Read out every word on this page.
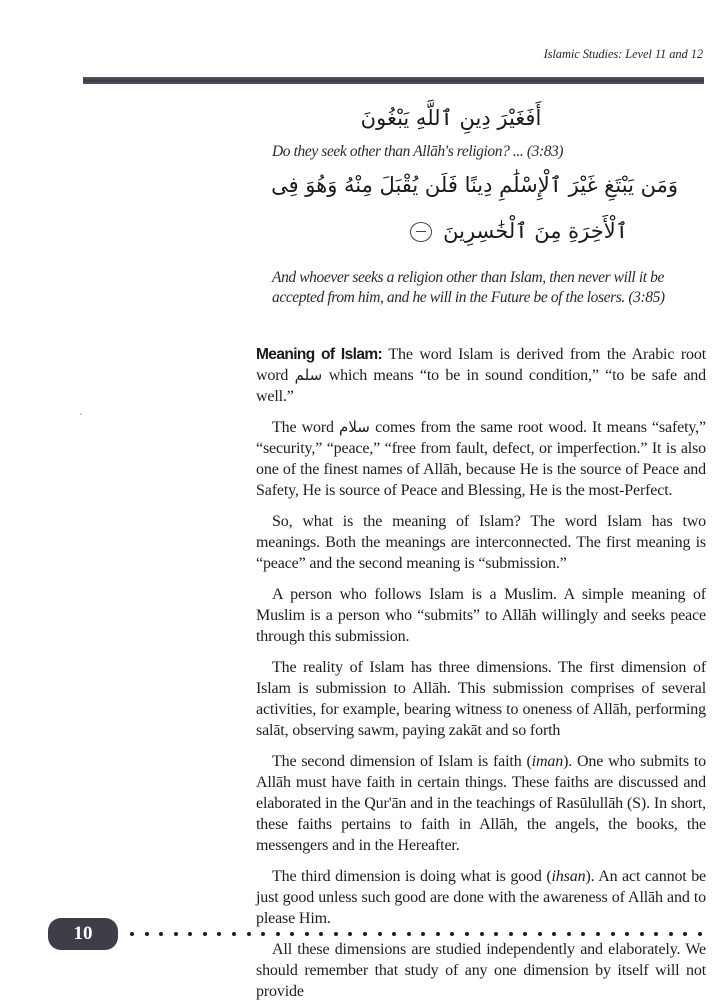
Islamic Studies: Level 11 and 12
أَفَغَيْرَ دِينِ ٱللَّهِ يَبْغُونَ

Do they seek other than Allāh's religion? ... (3:83)

وَمَن يَبْتَغِ غَيْرَ ٱلْإِسْلَٰمِ دِينًا فَلَن يُقْبَلَ مِنْهُ وَهُوَ فِى
ٱلْأَخِرَةِ مِنَ ٱلْخَٰسِرِينَ

And whoever seeks a religion other than Islam, then never will it be accepted from him, and he will in the Future be of the losers. (3:85)

Meaning of Islam: The word Islam is derived from the Arabic root word سلم which means “to be in sound condition,” “to be safe and well.”

The word سلام comes from the same root wood. It means “safety,” “security,” “peace,” “free from fault, defect, or imperfection.” It is also one of the finest names of Allāh, because He is the source of Peace and Safety, He is source of Peace and Blessing, He is the most-Perfect.

So, what is the meaning of Islam? The word Islam has two meanings. Both the meanings are interconnected. The first meaning is “peace” and the second meaning is “submission.”

A person who follows Islam is a Muslim. A simple meaning of Muslim is a person who “submits” to Allāh willingly and seeks peace through this submission.

The reality of Islam has three dimensions. The first dimension of Islam is submission to Allāh. This submission comprises of several activities, for example, bearing witness to oneness of Allāh, performing salāt, observing sawm, paying zakāt and so forth

The second dimension of Islam is faith (iman). One who submits to Allāh must have faith in certain things. These faiths are discussed and elaborated in the Qur'ān and in the teachings of Rasūlullāh (S). In short, these faiths pertains to faith in Allāh, the angels, the books, the messengers and in the Hereafter.

The third dimension is doing what is good (ihsan). An act cannot be just good unless such good are done with the awareness of Allāh and to please Him.

All these dimensions are studied independently and elaborately. We should remember that study of any one dimension by itself will not provide

10
